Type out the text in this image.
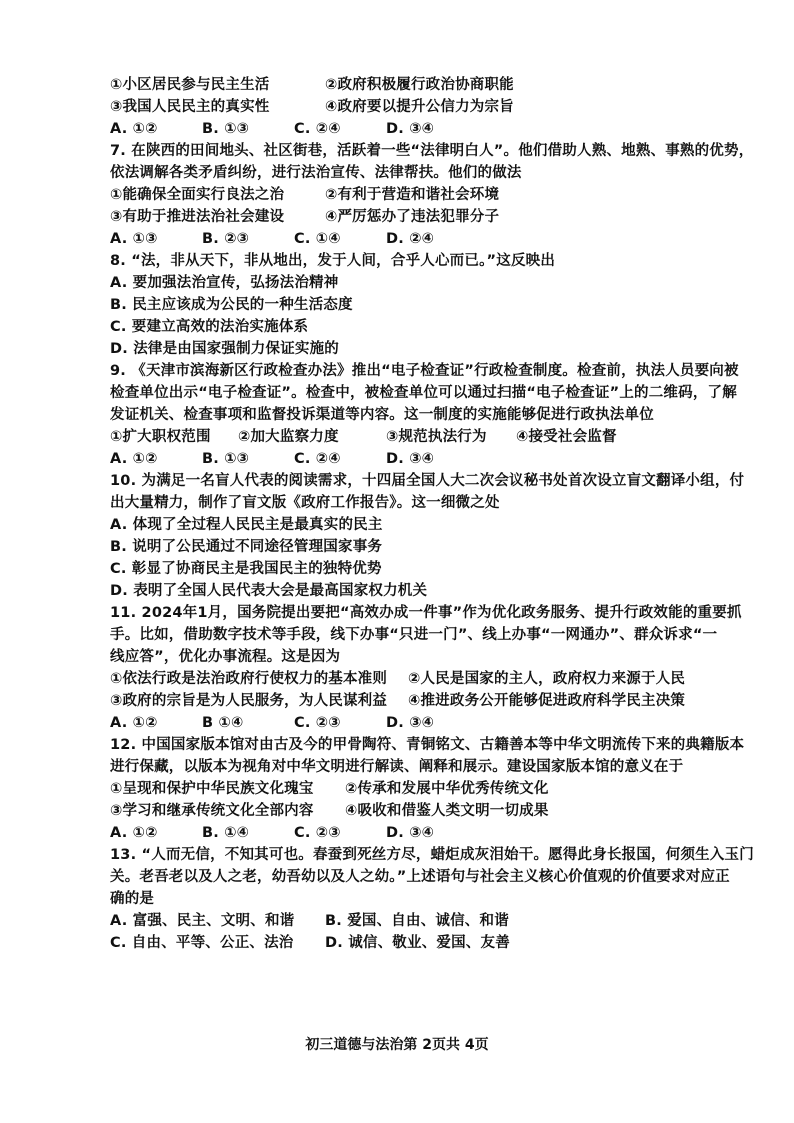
①小区居民参与民主生活	②政府积极履行政治协商职能
③我国人民民主的真实性	④政府要以提升公信力为宗旨
A. ①②	B. ①③	C. ②④	D. ③④
7. 在陕西的田间地头、社区街巷，活跃着一些“法律明白人”。他们借助人熟、地熟、事熟的优势，
依法调解各类矛盾纠纷，进行法治宣传、法律帮扶。他们的做法
①能确保全面实行良法之治	②有利于营造和谐社会环境
③有助于推进法治社会建设	④严厉惩办了违法犯罪分子
A. ①③	B. ②③	C. ①④	D. ②④
8. “法，非从天下，非从地出，发于人间，合乎人心而已。”这反映出
A. 要加强法治宣传，弘扬法治精神
B. 民主应该成为公民的一种生活态度
C. 要建立高效的法治实施体系
D. 法律是由国家强制力保证实施的
9. 《天津市滨海新区行政检查办法》推出“电子检查证”行政检查制度。检查前，执法人员要向被
检查单位出示“电子检查证”。检查中，被检查单位可以通过扫描“电子检查证”上的二维码，了解
发证机关、检查事项和监督投诉渠道等内容。这一制度的实施能够促进行政执法单位
①扩大职权范围	②加大监察力度	③规范执法行为	④接受社会监督
A. ①②	B. ①③	C. ②④	D. ③④
10. 为满足一名盲人代表的阅读需求，十四届全国人大二次会议秘书处首次设立盲文翻译小组，付
出大量精力，制作了盲文版《政府工作报告》。这一细微之处
A. 体现了全过程人民民主是最真实的民主
B. 说明了公民通过不同途径管理国家事务
C. 彰显了协商民主是我国民主的独特优势
D. 表明了全国人民代表大会是最高国家权力机关
11. 2024年1月，国务院提出要把“高效办成一件事”作为优化政务服务、提升行政效能的重要抓
手。比如，借助数字技术等手段，线下办事“只进一门”、线上办事“一网通办”、群众诉求“一
线应答”，优化办事流程。这是因为
①依法行政是法治政府行使权力的基本准则	②人民是国家的主人，政府权力来源于人民
③政府的宗旨是为人民服务，为人民谋利益	④推进政务公开能够促进政府科学民主决策
A. ①②	B ①④	C. ②③	D. ③④
12. 中国国家版本馆对由古及今的甲骨陶符、青铜铭文、古籍善本等中华文明流传下来的典籍版本
进行保藏，以版本为视角对中华文明进行解读、阐释和展示。建设国家版本馆的意义在于
①呈现和保护中华民族文化瑰宝	②传承和发展中华优秀传统文化
③学习和继承传统文化全部内容	④吸收和借鉴人类文明一切成果
A. ①②	B. ①④	C. ②③	D. ③④
13. “人而无信，不知其可也。春蚕到死丝方尽，蜡炬成灰泪始干。愿得此身长报国，何须生入玉门
关。老吾老以及人之老，幼吾幼以及人之幼。”上述语句与社会主义核心价值观的价值要求对应正
确的是
A. 富强、民主、文明、和谐	B. 爱国、自由、诚信、和谐
C. 自由、平等、公正、法治	D. 诚信、敬业、爱国、友善
初三道德与法治第 2页共 4页
